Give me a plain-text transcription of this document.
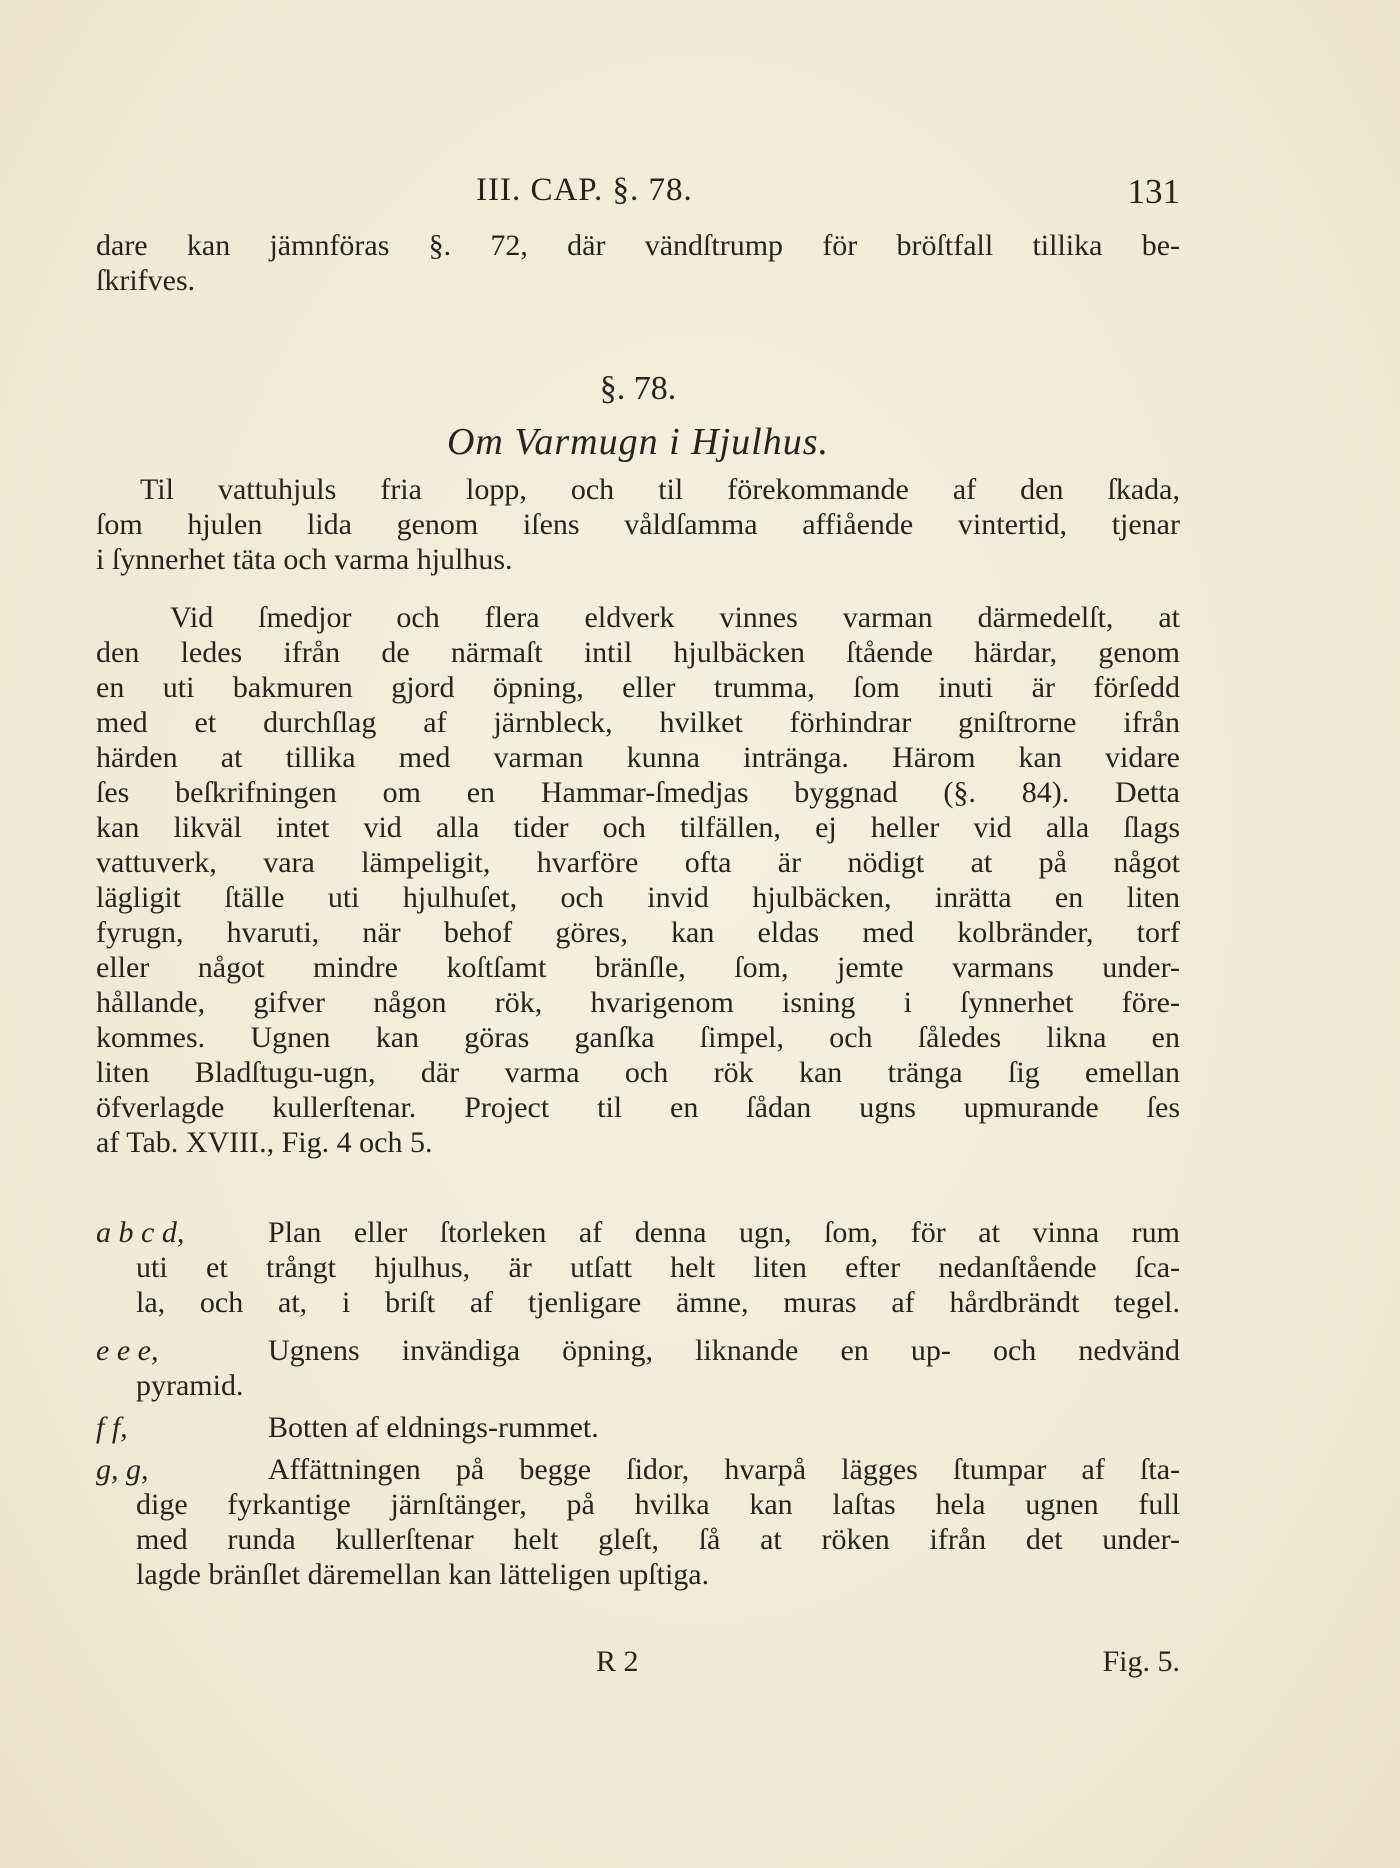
III. CAP. §. 78.	131
dare kan jämnföras §. 72, där vändſtrump för bröſtfall tillika be-
ſkrifves.
§. 78.
Om Varmugn i Hjulhus.
Til vattuhjuls fria lopp, och til förekommande af den ſkada,
ſom hjulen lida genom iſens våldſamma affiående vintertid, tjenar
i ſynnerhet täta och varma hjulhus.
Vid ſmedjor och flera eldverk vinnes varman därmedelſt, at
den ledes ifrån de närmaſt intil hjulbäcken ſtående härdar, genom
en uti bakmuren gjord öpning, eller trumma, ſom inuti är förſedd
med et durchſlag af järnbleck, hvilket förhindrar gniſtrorne ifrån
härden at tillika med varman kunna intränga. Härom kan vidare
ſes beſkrifningen om en Hammar-ſmedjas byggnad (§. 84). Detta
kan likväl intet vid alla tider och tilfällen, ej heller vid alla ſlags
vattuverk, vara lämpeligit, hvarföre ofta är nödigt at på något
lägligit ſtälle uti hjulhuſet, och invid hjulbäcken, inrätta en liten
fyrugn, hvaruti, när behof göres, kan eldas med kolbränder, torf
eller något mindre koſtſamt bränſle, ſom, jemte varmans under-
hållande, gifver någon rök, hvarigenom isning i ſynnerhet före-
kommes. Ugnen kan göras ganſka ſimpel, och ſåledes likna en
liten Bladſtugu-ugn, där varma och rök kan tränga ſig emellan
öfverlagde kullerſtenar. Project til en ſådan ugns upmurande ſes
af Tab. XVIII., Fig. 4 och 5.
a b c d,	Plan eller ſtorleken af denna ugn, ſom, för at vinna rum
uti et trångt hjulhus, är utſatt helt liten efter nedanſtående ſca-
la, och at, i briſt af tjenligare ämne, muras af hårdbrändt tegel.
e e e,	Ugnens invändiga öpning, liknande en up- och nedvänd
pyramid.
f f,	Botten af eldnings-rummet.
g, g,	Affättningen på begge ſidor, hvarpå lägges ſtumpar af ſta-
dige fyrkantige järnſtänger, på hvilka kan laſtas hela ugnen full
med runda kullerſtenar helt gleſt, ſå at röken ifrån det under-
lagde bränſlet däremellan kan lätteligen upſtiga.
R 2	Fig. 5.
